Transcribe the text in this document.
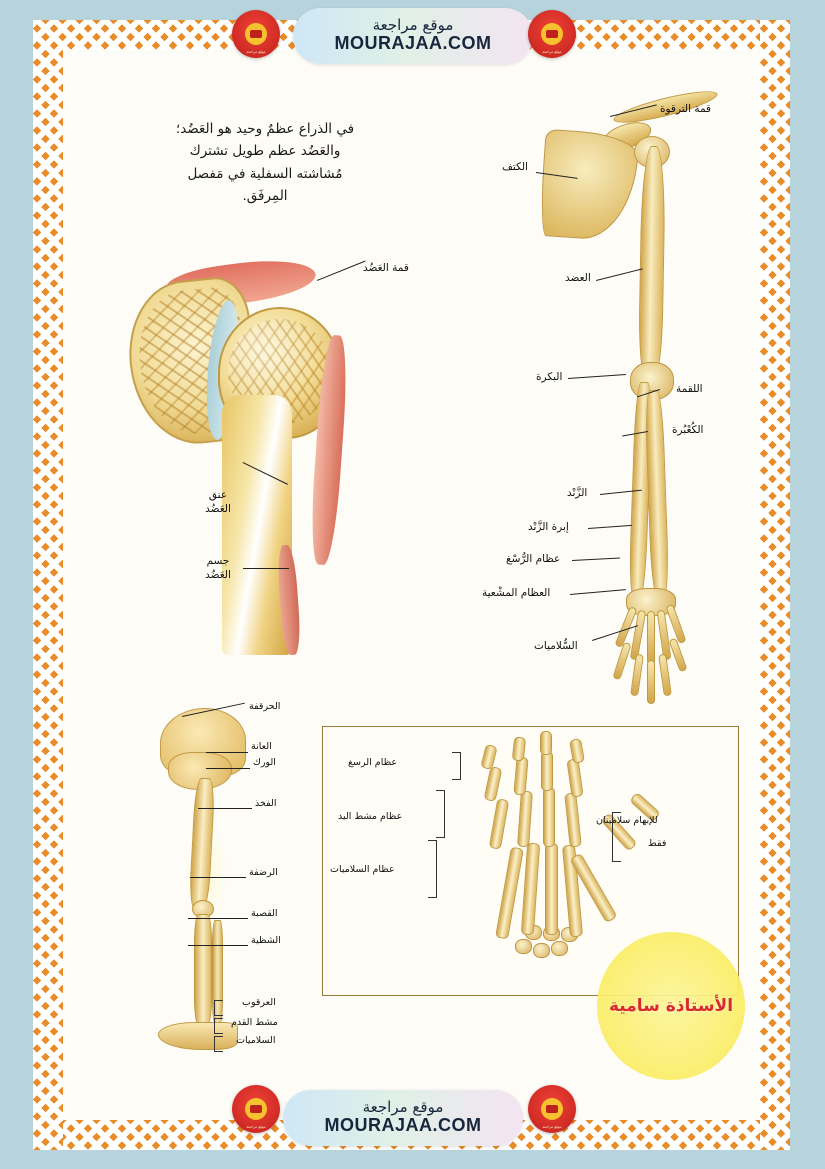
في الذراع عظمٌ وحيد هو العَضُد؛ والعَضُد عظم طويل تشترك مُشاشته السفلية في مَفصل المِرفَق.
قمة العَضُد
عنق العَضُد
جسم العَضُد
قمة الترقوة
الكتف
العضد
البكرة
اللقمة
الكُعْبُرة
الزَّنْد
إبرة الزَّنْد
عظام الرُّسْغ
العظام المشْعية
السُّلاميات
الحرقفة
العانة
الورك
الفخذ
الرضفة
القصبة
الشظية
العرقوب
مشط القدم
السلاميات
عظام الرسغ
عظام مشط اليد
عظام السلاميات
للإبهام سلاميتان
فقط
موقع مراجعة
MOURAJAA.COM
موقع مراجعة
MOURAJAA.COM
موقع مراجعة	موقع مراجعة
موقع مراجعة	موقع مراجعة
الأستاذة سامية
